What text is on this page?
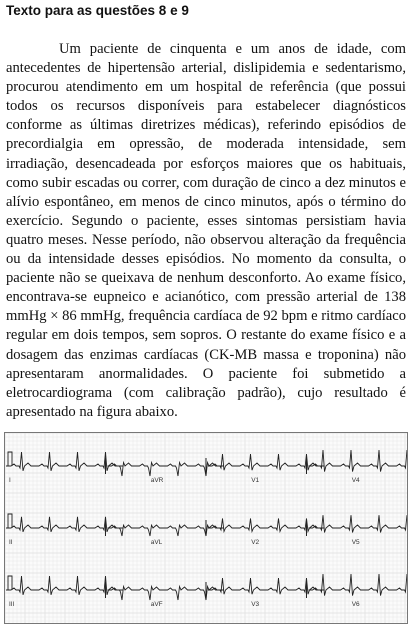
Texto para as questões 8 e 9

Um paciente de cinquenta e um anos de idade, com antecedentes de hipertensão arterial, dislipidemia e sedentarismo, procurou atendimento em um hospital de referência (que possui todos os recursos disponíveis para estabelecer diagnósticos conforme as últimas diretrizes médicas), referindo episódios de precordialgia em opressão, de moderada intensidade, sem irradiação, desencadeada por esforços maiores que os habituais, como subir escadas ou correr, com duração de cinco a dez minutos e alívio espontâneo, em menos de cinco minutos, após o término do exercício. Segundo o paciente, esses sintomas persistiam havia quatro meses. Nesse período, não observou alteração da frequência ou da intensidade desses episódios. No momento da consulta, o paciente não se queixava de nenhum desconforto. Ao exame físico, encontrava-se eupneico e acianótico, com pressão arterial de 138 mmHg × 86 mmHg, frequência cardíaca de 92 bpm e ritmo cardíaco regular em dois tempos, sem sopros. O restante do exame físico e a dosagem das enzimas cardíacas (CK-MB massa e troponina) não apresentaram anormalidades. O paciente foi submetido a eletrocardiograma (com calibração padrão), cujo resultado é apresentado na figura abaixo.

I	aVR	V1	V4
II	aVL	V2	V5
III	aVF	V3	V6
